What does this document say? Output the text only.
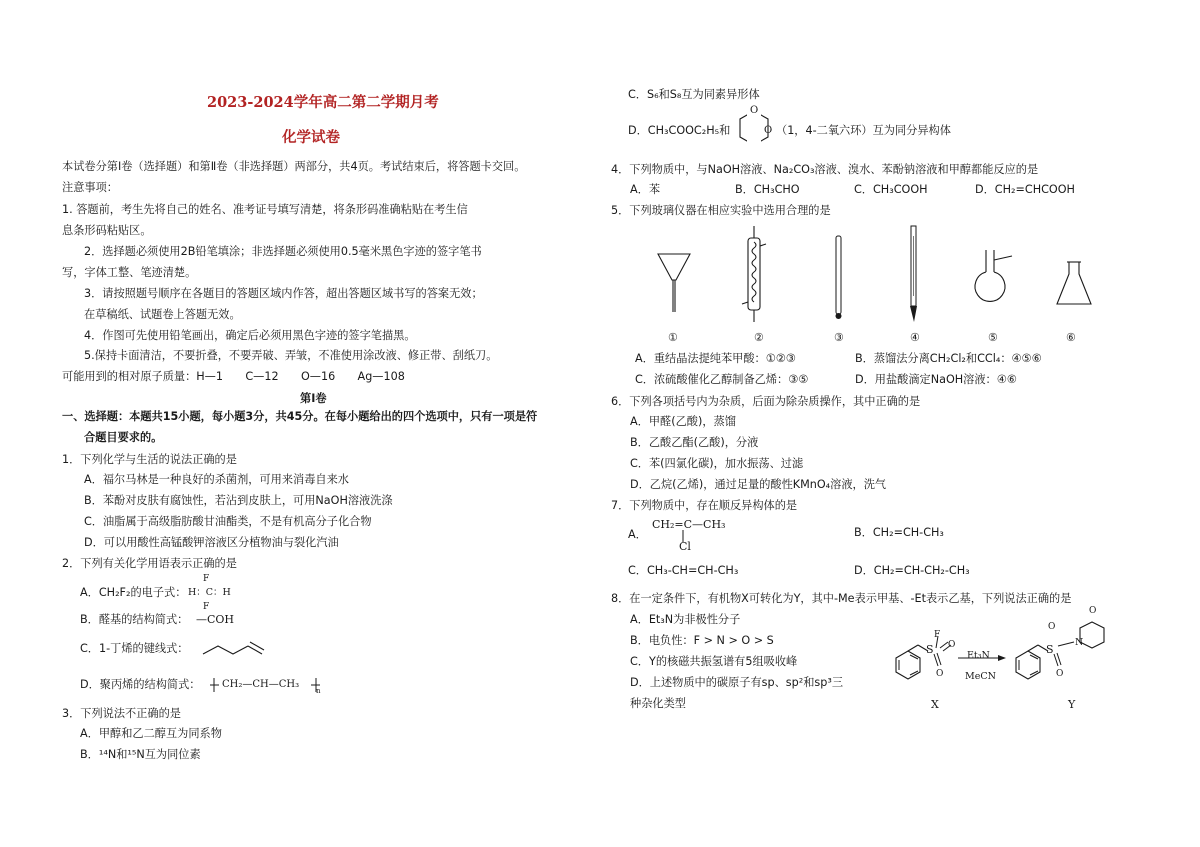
2023-2024学年高二第二学期月考
化学试卷
本试卷分第Ⅰ卷（选择题）和第Ⅱ卷（非选择题）两部分，共4页。考试结束后，将答题卡交回。
注意事项：
1. 答题前，考生先将自己的姓名、准考证号填写清楚，将条形码准确粘贴在考生信
息条形码粘贴区。
2．选择题必须使用2B铅笔填涂；非选择题必须使用0.5毫米黑色字迹的签字笔书
写，字体工整、笔迹清楚。
3．请按照题号顺序在各题目的答题区域内作答，超出答题区域书写的答案无效；
在草稿纸、试题卷上答题无效。
4．作图可先使用铅笔画出，确定后必须用黑色字迹的签字笔描黑。
5.保持卡面清洁，不要折叠，不要弄破、弄皱，不准使用涂改液、修正带、刮纸刀。
可能用到的相对原子质量：H—1　　C—12　　O—16　　Ag—108
第Ⅰ卷
一、选择题：本题共15小题，每小题3分，共45分。在每小题给出的四个选项中，只有一项是符
合题目要求的。
1．下列化学与生活的说法正确的是
A．福尔马林是一种良好的杀菌剂，可用来消毒自来水
B．苯酚对皮肤有腐蚀性，若沾到皮肤上，可用NaOH溶液洗涤
C．油脂属于高级脂肪酸甘油酯类，不是有机高分子化合物
D．可以用酸性高锰酸钾溶液区分植物油与裂化汽油
2．下列有关化学用语表示正确的是
A．CH₂F₂的电子式：
F
H：C：H
F
B．醛基的结构简式： —COH
C．1-丁烯的键线式：
D．聚丙烯的结构简式： CH₂—CH—CH₃
n
3．下列说法不正确的是
A．甲醇和乙二醇互为同系物
B．¹⁴N和¹⁵N互为同位素
C．S₆和S₈互为同素异形体
D．CH₃COOC₂H₅和
O
O （1，4-二氧六环）互为同分异构体
4．下列物质中，与NaOH溶液、Na₂CO₃溶液、溴水、苯酚钠溶液和甲醇都能反应的是
A．苯	B．CH₃CHO	C．CH₃COOH	D．CH₂=CHCOOH
5．下列玻璃仪器在相应实验中选用合理的是
①	②	③	④	⑤	⑥
A．重结晶法提纯苯甲酸：①②③	B．蒸馏法分离CH₂Cl₂和CCl₄：④⑤⑥
C．浓硫酸催化乙醇制备乙烯：③⑤	D．用盐酸滴定NaOH溶液：④⑥
6．下列各项括号内为杂质，后面为除杂质操作，其中正确的是
A．甲醛(乙酸)，蒸馏
B．乙酸乙酯(乙酸)，分液
C．苯(四氯化碳)，加水振荡、过滤
D．乙烷(乙烯)，通过足量的酸性KMnO₄溶液，洗气
7．下列物质中，存在顺反异构体的是
A．
CH₂=C—CH₃
Cl
B．CH₂=CH-CH₃
C．CH₃-CH=CH-CH₃	D．CH₂=CH-CH₂-CH₃
8．在一定条件下，有机物X可转化为Y，其中-Me表示甲基、-Et表示乙基，下列说法正确的是
A．Et₃N为非极性分子
B．电负性：F > N > O > S
C．Y的核磁共振氢谱有5组吸收峰
D．上述物质中的碳原子有sp、sp²和sp³三
种杂化类型
S
F
O
O
Et₃N
MeCN
S
O
O
N
O
X	Y
